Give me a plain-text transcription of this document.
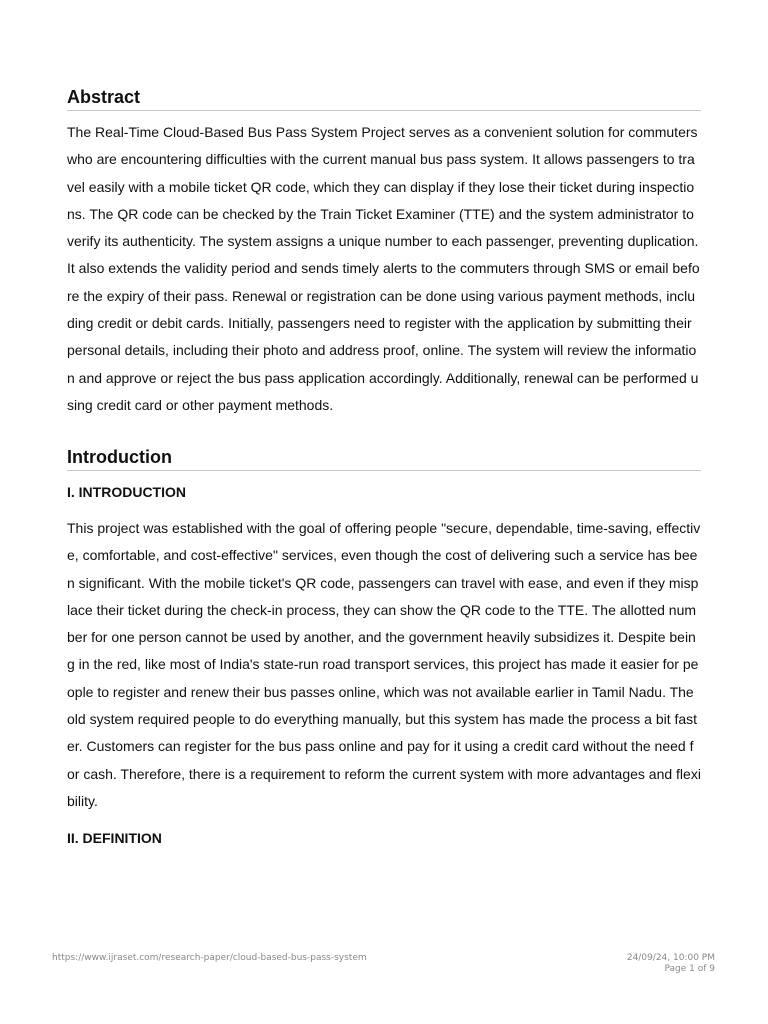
Abstract

The Real-Time Cloud-Based Bus Pass System Project serves as a convenient solution for commuters who are encountering difficulties with the current manual bus pass system. It allows passengers to travel easily with a mobile ticket QR code, which they can display if they lose their ticket during inspections. The QR code can be checked by the Train Ticket Examiner (TTE) and the system administrator to verify its authenticity. The system assigns a unique number to each passenger, preventing duplication. It also extends the validity period and sends timely alerts to the commuters through SMS or email before the expiry of their pass. Renewal or registration can be done using various payment methods, including credit or debit cards. Initially, passengers need to register with the application by submitting their personal details, including their photo and address proof, online. The system will review the information and approve or reject the bus pass application accordingly. Additionally, renewal can be performed using credit card or other payment methods.

Introduction
I. INTRODUCTION

This project was established with the goal of offering people "secure, dependable, time-saving, effective, comfortable, and cost-effective" services, even though the cost of delivering such a service has been significant. With the mobile ticket's QR code, passengers can travel with ease, and even if they misplace their ticket during the check-in process, they can show the QR code to the TTE. The allotted number for one person cannot be used by another, and the government heavily subsidizes it. Despite being in the red, like most of India's state-run road transport services, this project has made it easier for people to register and renew their bus passes online, which was not available earlier in Tamil Nadu. The old system required people to do everything manually, but this system has made the process a bit faster. Customers can register for the bus pass online and pay for it using a credit card without the need for cash. Therefore, there is a requirement to reform the current system with more advantages and flexibility.

II. DEFINITION
https://www.ijraset.com/research-paper/cloud-based-bus-pass-system	24/09/24, 10:00 PM
Page 1 of 9
